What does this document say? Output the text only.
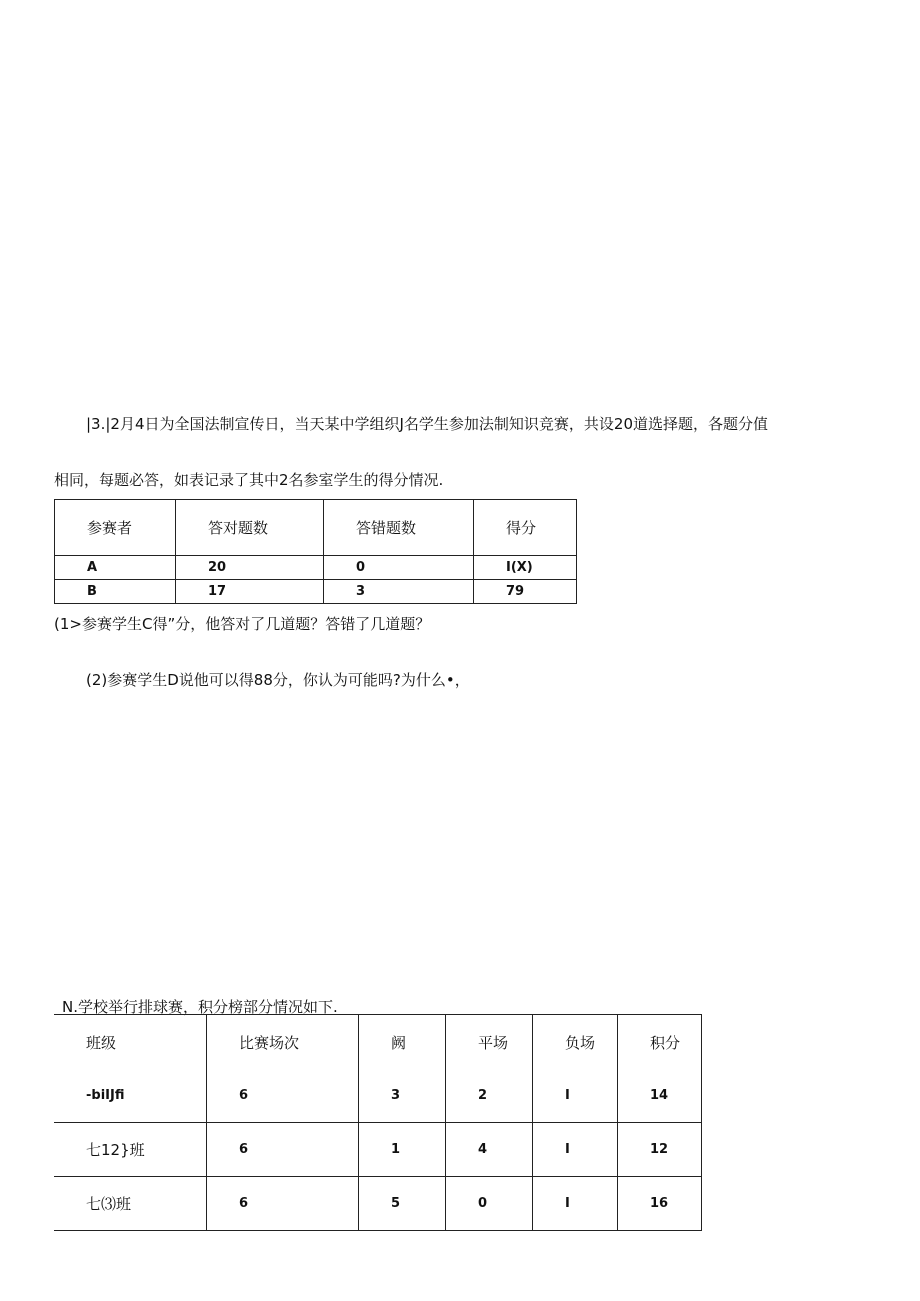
|3.|2月4日为全国法制宣传日，当天某中学组织J名学生参加法制知识竞赛，共设20道选择题，各题分值
相同，每题必答，如表记录了其中2名参室学生的得分情况.
参赛者	答对题数	答错题数	得分
A	20	0	I(X)
B	17	3	79
(1>参赛学生C得”分，他答对了几道题？答错了几道题？
(2)参赛学生D说他可以得88分，你认为可能吗?为什么•，
N.学校举行排球赛，积分榜部分情况如下.
班级	比赛场次	阙	平场	负场	积分
-biIJfi	6	3	2	I	14
七12}班	6	1	4	I	12
七⑶班	6	5	0	I	16
